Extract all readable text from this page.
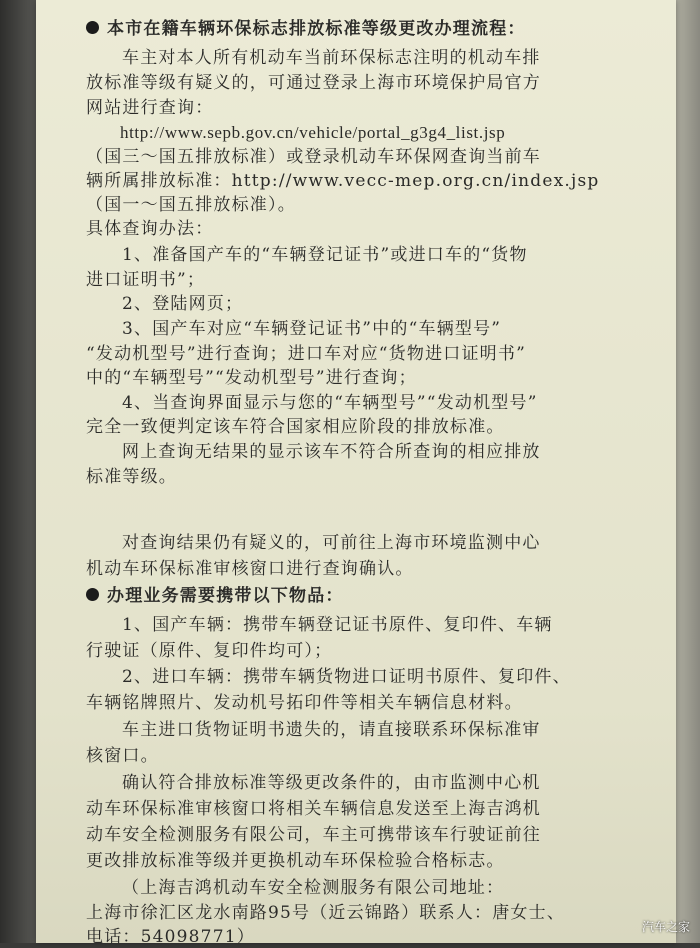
本市在籍车辆环保标志排放标准等级更改办理流程：
车主对本人所有机动车当前环保标志注明的机动车排
放标准等级有疑义的，可通过登录上海市环境保护局官方
网站进行查询：
http://www.sepb.gov.cn/vehicle/portal_g3g4_list.jsp
（国三～国五排放标准）或登录机动车环保网查询当前车
辆所属排放标准：http://www.vecc-mep.org.cn/index.jsp
（国一～国五排放标准）。
具体查询办法：
1、准备国产车的“车辆登记证书”或进口车的“货物
进口证明书”；
2、登陆网页；
3、国产车对应“车辆登记证书”中的“车辆型号”
“发动机型号”进行查询；进口车对应“货物进口证明书”
中的“车辆型号”“发动机型号”进行查询；
4、当查询界面显示与您的“车辆型号”“发动机型号”
完全一致便判定该车符合国家相应阶段的排放标准。
网上查询无结果的显示该车不符合所查询的相应排放
标准等级。
对查询结果仍有疑义的，可前往上海市环境监测中心
机动车环保标准审核窗口进行查询确认。
办理业务需要携带以下物品：
1、国产车辆：携带车辆登记证书原件、复印件、车辆
行驶证（原件、复印件均可）；
2、进口车辆：携带车辆货物进口证明书原件、复印件、
车辆铭牌照片、发动机号拓印件等相关车辆信息材料。
车主进口货物证明书遗失的，请直接联系环保标准审
核窗口。
确认符合排放标准等级更改条件的，由市监测中心机
动车环保标准审核窗口将相关车辆信息发送至上海吉鸿机
动车安全检测服务有限公司，车主可携带该车行驶证前往
更改排放标准等级并更换机动车环保检验合格标志。
（上海吉鸿机动车安全检测服务有限公司地址：
上海市徐汇区龙水南路95号（近云锦路）联系人：唐女士、
电话：54098771）	汽车之家
